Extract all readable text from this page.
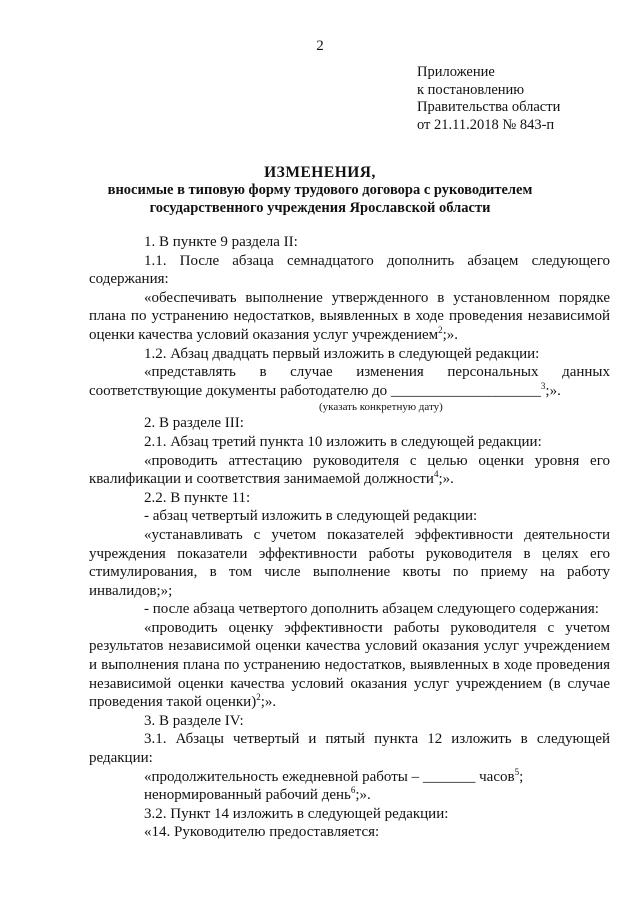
2
Приложение
к постановлению
Правительства области
от 21.11.2018 № 843-п
ИЗМЕНЕНИЯ,
вносимые в типовую форму трудового договора с руководителем
государственного учреждения Ярославской области

1. В пункте 9 раздела II:

1.1. После абзаца семнадцатого дополнить абзацем следующего содержания:

«обеспечивать выполнение утвержденного в установленном порядке плана по устранению недостатков, выявленных в ходе проведения независимой оценки качества условий оказания услуг учреждением$^2$;».

1.2. Абзац двадцать первый изложить в следующей редакции:

«представлять в случае изменения персональных данных соответствующие документы работодателю до ____________________$^3$;».

(указать конкретную дату)

2. В разделе III:

2.1. Абзац третий пункта 10 изложить в следующей редакции:

«проводить аттестацию руководителя с целью оценки уровня его квалификации и соответствия занимаемой должности$^4$;».

2.2. В пункте 11:

- абзац четвертый изложить в следующей редакции:

«устанавливать с учетом показателей эффективности деятельности учреждения показатели эффективности работы руководителя в целях его стимулирования, в том числе выполнение квоты по приему на работу инвалидов;»;

- после абзаца четвертого дополнить абзацем следующего содержания:

«проводить оценку эффективности работы руководителя с учетом результатов независимой оценки качества условий оказания услуг учреждением и выполнения плана по устранению недостатков, выявленных в ходе проведения независимой оценки качества условий оказания услуг учреждением (в случае проведения такой оценки)$^2$;».

3. В разделе IV:

3.1. Абзацы четвертый и пятый пункта 12 изложить в следующей редакции:

«продолжительность ежедневной работы – _______ часов$^5$;

ненормированный рабочий день$^6$;».

3.2. Пункт 14 изложить в следующей редакции:

«14. Руководителю предоставляется:
